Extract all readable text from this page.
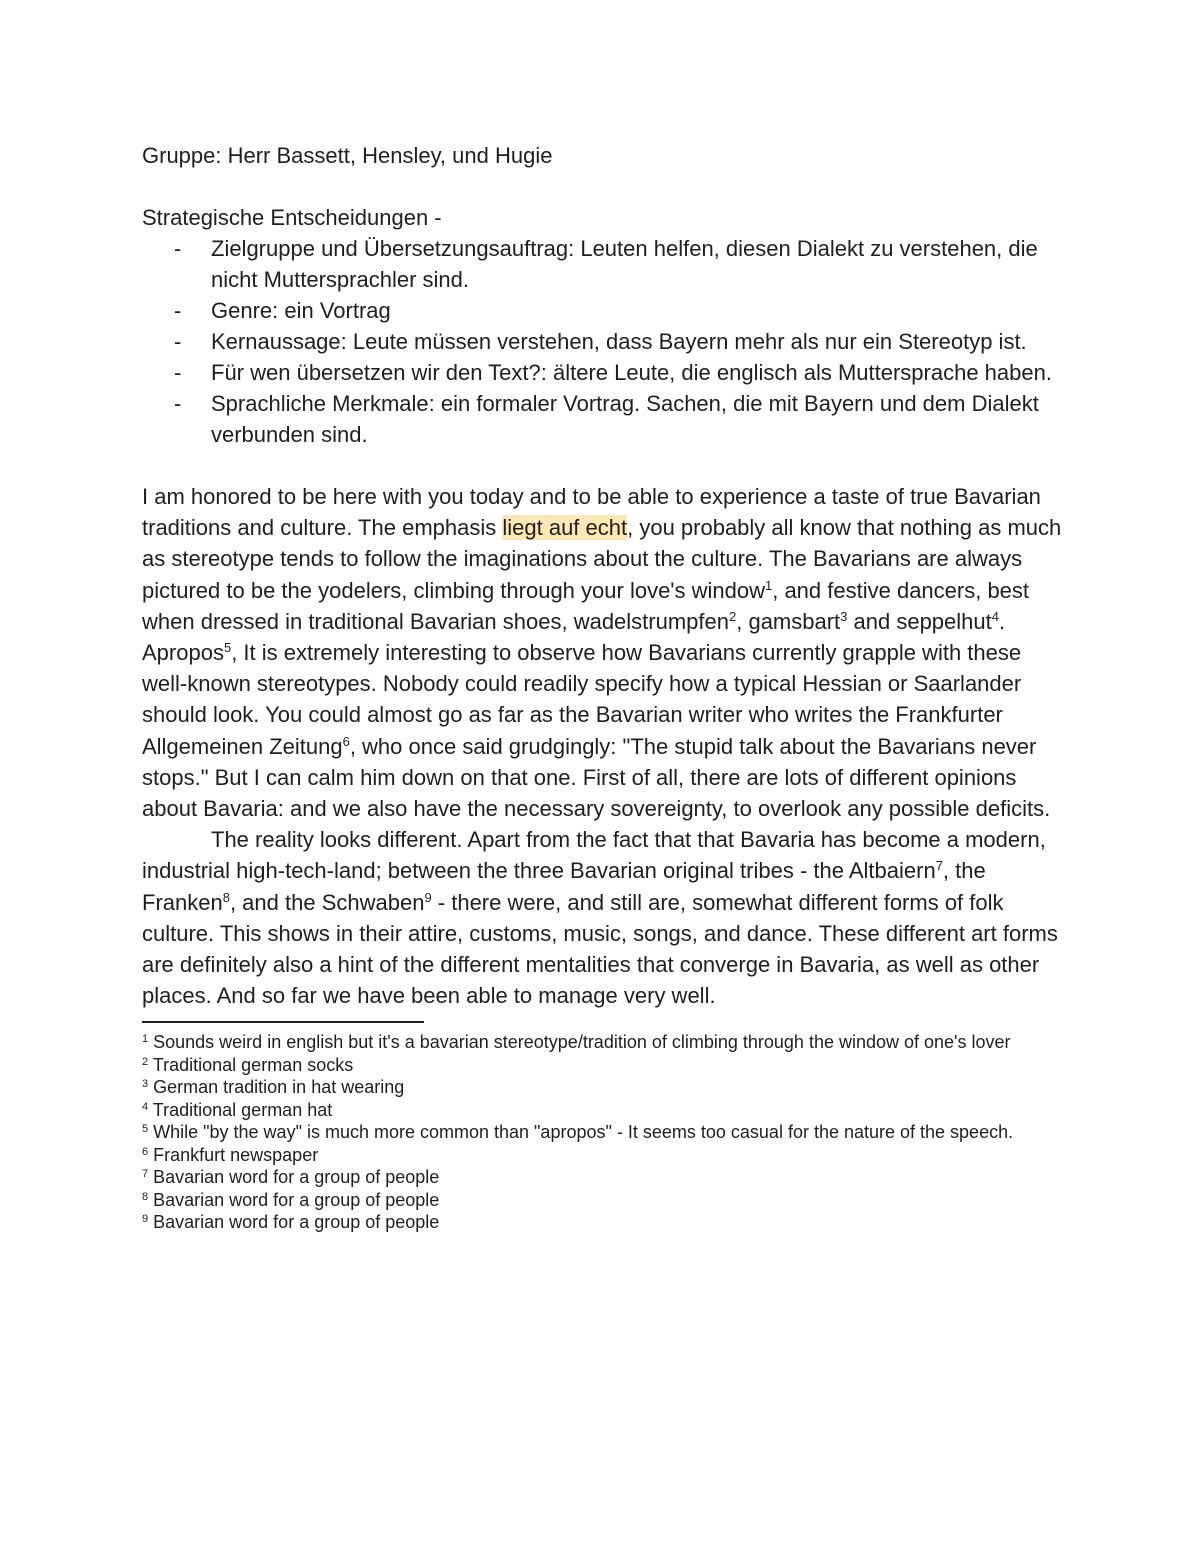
Gruppe: Herr Bassett, Hensley, und Hugie

Strategische Entscheidungen -

- Zielgruppe und Übersetzungsauftrag: Leuten helfen, diesen Dialekt zu verstehen, die nicht Muttersprachler sind.
- Genre: ein Vortrag
- Kernaussage: Leute müssen verstehen, dass Bayern mehr als nur ein Stereotyp ist.
- Für wen übersetzen wir den Text?: ältere Leute, die englisch als Muttersprache haben.
- Sprachliche Merkmale: ein formaler Vortrag. Sachen, die mit Bayern und dem Dialekt verbunden sind.

I am honored to be here with you today and to be able to experience a taste of true Bavarian traditions and culture. The emphasis liegt auf echt, you probably all know that nothing as much as stereotype tends to follow the imaginations about the culture. The Bavarians are always pictured to be the yodelers, climbing through your love's window$^1$, and festive dancers, best when dressed in traditional Bavarian shoes, wadelstrumpfen$^2$, gamsbart$^3$ and seppelhut$^4$. Apropos$^5$, It is extremely interesting to observe how Bavarians currently grapple with these well-known stereotypes. Nobody could readily specify how a typical Hessian or Saarlander should look. You could almost go as far as the Bavarian writer who writes the Frankfurter Allgemeinen Zeitung$^6$, who once said grudgingly: "The stupid talk about the Bavarians never stops." But I can calm him down on that one. First of all, there are lots of different opinions about Bavaria: and we also have the necessary sovereignty, to overlook any possible deficits.

The reality looks different. Apart from the fact that that Bavaria has become a modern, industrial high-tech-land; between the three Bavarian original tribes - the Altbaiern$^7$, the Franken$^8$, and the Schwaben$^9$ - there were, and still are, somewhat different forms of folk culture. This shows in their attire, customs, music, songs, and dance. These different art forms are definitely also a hint of the different mentalities that converge in Bavaria, as well as other places. And so far we have been able to manage very well.

$^1$ Sounds weird in english but it's a bavarian stereotype/tradition of climbing through the window of one's lover
$^2$ Traditional german socks
$^3$ German tradition in hat wearing
$^4$ Traditional german hat
$^5$ While "by the way" is much more common than "apropos" - It seems too casual for the nature of the speech.
$^6$ Frankfurt newspaper
$^7$ Bavarian word for a group of people
$^8$ Bavarian word for a group of people
$^9$ Bavarian word for a group of people
